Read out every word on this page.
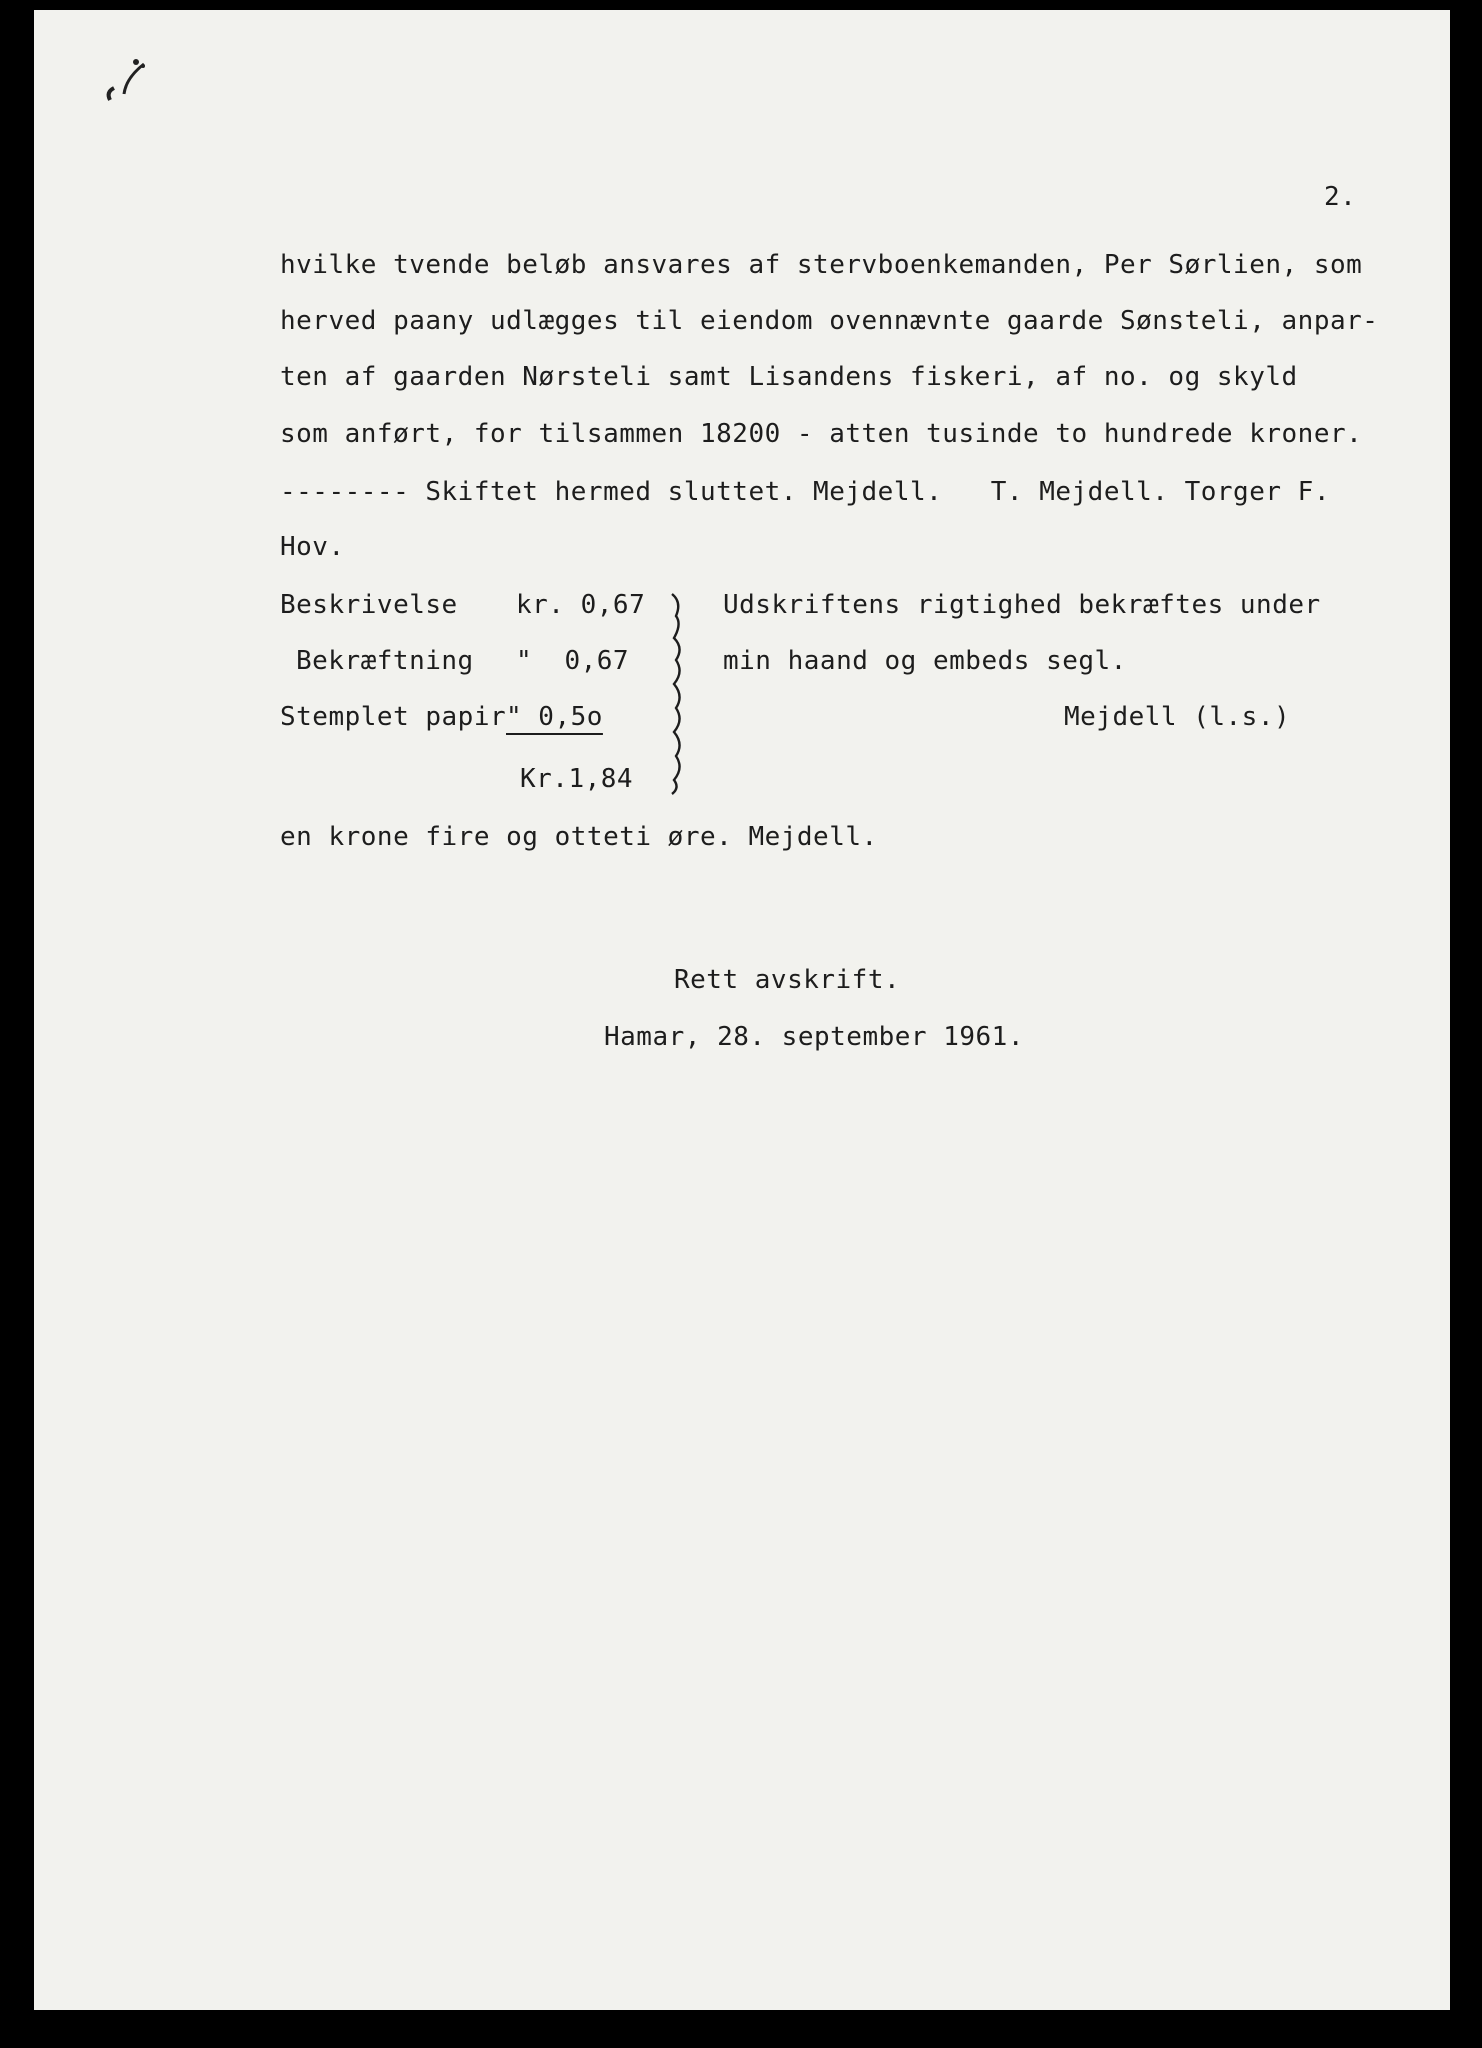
2.
hvilke tvende beløb ansvares af stervboenkemanden, Per Sørlien, som
herved paany udlægges til eiendom ovennævnte gaarde Sønsteli, anpar-
ten af gaarden Nørsteli samt Lisandens fiskeri, af no. og skyld
som anført, for tilsammen 18200 - atten tusinde to hundrede kroner.
-------- Skiftet hermed sluttet. Mejdell.   T. Mejdell. Torger F.
Hov.
Beskrivelse kr. 0,67
Bekræftning "  0,67
Stemplet papir " 0,5o
Kr.1,84
Udskriftens rigtighed bekræftes under
min haand og embeds segl.
Mejdell (l.s.)
en krone fire og otteti øre. Mejdell.
Rett avskrift.
Hamar, 28. september 1961.
